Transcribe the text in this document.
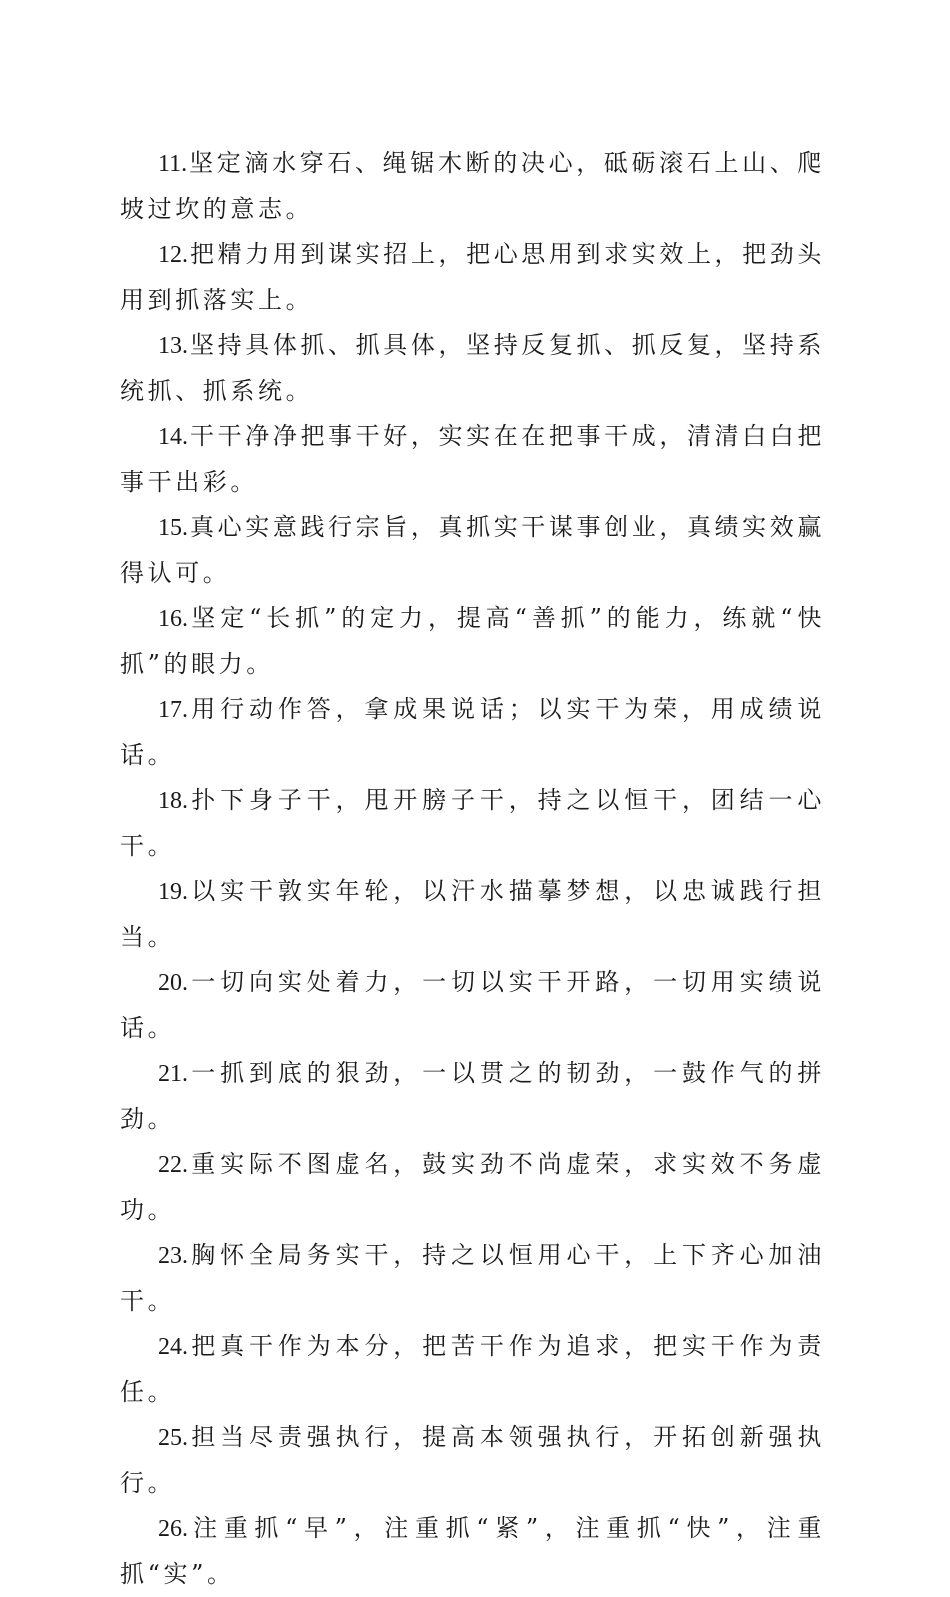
11.坚定滴水穿石、绳锯木断的决心，砥砺滚石上山、爬坡过坎的意志。

12.把精力用到谋实招上，把心思用到求实效上，把劲头用到抓落实上。

13.坚持具体抓、抓具体，坚持反复抓、抓反复，坚持系统抓、抓系统。

14.干干净净把事干好，实实在在把事干成，清清白白把事干出彩。

15.真心实意践行宗旨，真抓实干谋事创业，真绩实效赢得认可。

16.坚定“长抓”的定力，提高“善抓”的能力，练就“快抓”的眼力。

17.用行动作答，拿成果说话；以实干为荣，用成绩说话。

18.扑下身子干，甩开膀子干，持之以恒干，团结一心干。

19.以实干敦实年轮，以汗水描摹梦想，以忠诚践行担当。

20.一切向实处着力，一切以实干开路，一切用实绩说话。

21.一抓到底的狠劲，一以贯之的韧劲，一鼓作气的拼劲。

22.重实际不图虚名，鼓实劲不尚虚荣，求实效不务虚功。

23.胸怀全局务实干，持之以恒用心干，上下齐心加油干。

24.把真干作为本分，把苦干作为追求，把实干作为责任。

25.担当尽责强执行，提高本领强执行，开拓创新强执行。

26.注重抓“早”，注重抓“紧”，注重抓“快”，注重抓“实”。
